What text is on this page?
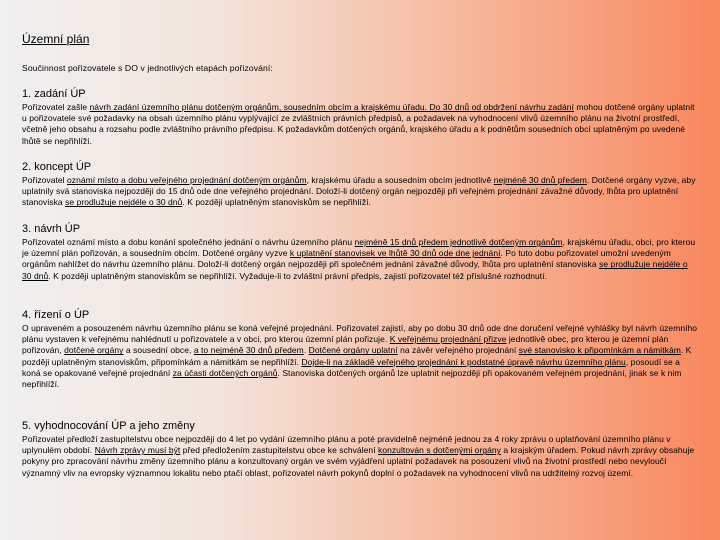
Územní plán
Součinnost pořizovatele s DO v jednotlivých etapách pořizování:
1. zadání ÚP

Pořizovatel zašle návrh zadání územního plánu dotčeným orgánům, sousedním obcím a krajskému úřadu. Do 30 dnů od obdržení návrhu zadání mohou dotčené orgány uplatnit u pořizovatele své požadavky na obsah územního plánu vyplývající ze zvláštních právních předpisů, a požadavek na vyhodnocení vlivů územního plánu na životní prostředí, včetně jeho obsahu a rozsahu podle zvláštního právního předpisu. K požadavkům dotčených orgánů, krajského úřadu a k podnětům sousedních obcí uplatněným po uvedené lhůtě se nepřihlíží.

2. koncept ÚP

Pořizovatel oznámí místo a dobu veřejného projednání dotčeným orgánům, krajskému úřadu a sousedním obcím jednotlivě nejméně 30 dnů předem. Dotčené orgány vyzve, aby uplatnily svá stanoviska nejpozději do 15 dnů ode dne veřejného projednání. Doloží-li dotčený orgán nejpozději při veřejném projednání závažné důvody, lhůta pro uplatnění stanoviska se prodlužuje nejdéle o 30 dnů. K později uplatněným stanoviskům se nepřihlíží.

3. návrh ÚP

Pořizovatel oznámí místo a dobu konání společného jednání o návrhu územního plánu nejméně 15 dnů předem jednotlivě dotčeným orgánům, krajskému úřadu, obci, pro kterou je územní plán pořizován, a sousedním obcím. Dotčené orgány vyzve k uplatnění stanovisek ve lhůtě 30 dnů ode dne jednání. Po tuto dobu pořizovatel umožní uvedeným orgánům nahlížet do návrhu územního plánu. Doloží-li dotčený orgán nejpozději při společném jednání závažné důvody, lhůta pro uplatnění stanoviska se prodlužuje nejdéle o 30 dnů. K později uplatněným stanoviskům se nepřihlíží. Vyžaduje-li to zvláštní právní předpis, zajistí pořizovatel též příslušné rozhodnutí.

4. řízení o ÚP

O upraveném a posouzeném návrhu územního plánu se koná veřejné projednání. Pořizovatel zajistí, aby po dobu 30 dnů ode dne doručení veřejné vyhlášky byl návrh územního plánu vystaven k veřejnému nahlédnutí u pořizovatele a v obci, pro kterou územní plán pořizuje. K veřejnému projednání přizve jednotlivě obec, pro kterou je územní plán pořizován, dotčené orgány a sousední obce, a to nejméně 30 dnů předem. Dotčené orgány uplatní na závěr veřejného projednání své stanovisko k připomínkám a námitkám. K později uplatněným stanoviskům, připomínkám a námitkám se nepřihlíží. Dojde-li na základě veřejného projednání k podstatné úpravě návrhu územního plánu, posoudí se a koná se opakované veřejné projednání za účasti dotčených orgánů. Stanoviska dotčených orgánů lze uplatnit nejpozději při opakovaném veřejném projednání, jinak se k nim nepřihlíží.

5. vyhodnocování ÚP a jeho změny

Pořizovatel předloží zastupitelstvu obce nejpozději do 4 let po vydání územního plánu a poté pravidelně nejméně jednou za 4 roky zprávu o uplatňování územního plánu v uplynulém období. Návrh zprávy musí být před předložením zastupitelstvu obce ke schválení konzultován s dotčenými orgány a krajským úřadem. Pokud návrh zprávy obsahuje pokyny pro zpracování návrhu změny územního plánu a konzultovaný orgán ve svém vyjádření uplatní požadavek na posouzení vlivů na životní prostředí nebo nevyloučí významný vliv na evropsky významnou lokalitu nebo ptačí oblast, pořizovatel návrh pokynů doplní o požadavek na vyhodnocení vlivů na udržitelný rozvoj území.
